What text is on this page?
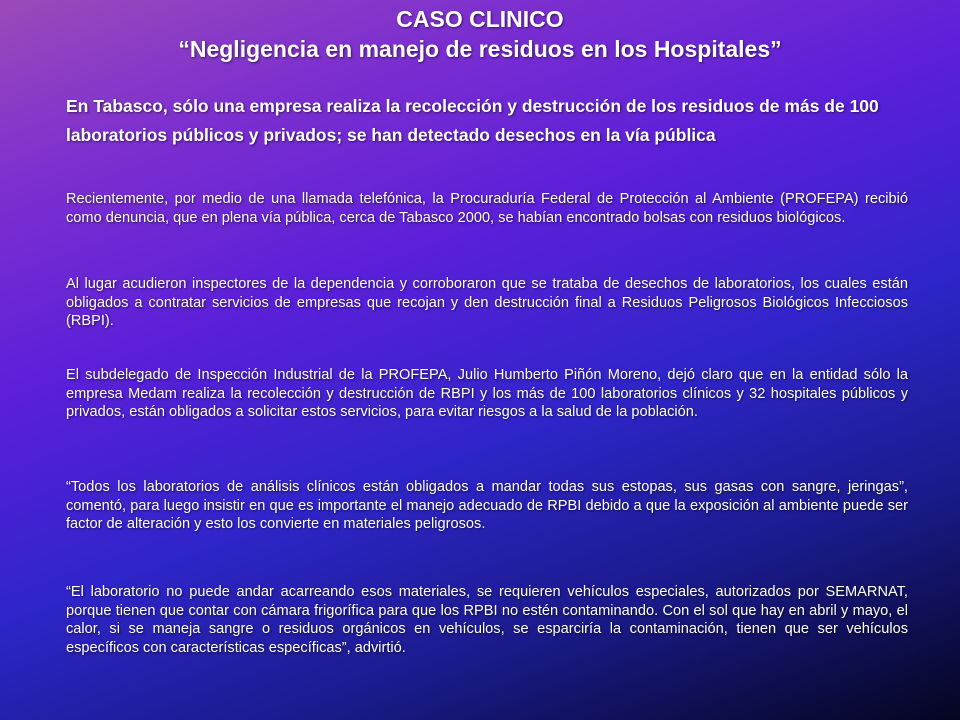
CASO CLINICO
“Negligencia en manejo de residuos en los Hospitales”
En Tabasco, sólo una empresa realiza la recolección y destrucción de los residuos de más de 100 laboratorios públicos y privados; se han detectado desechos en la vía pública
Recientemente, por medio de una llamada telefónica, la Procuraduría Federal de Protección al Ambiente (PROFEPA) recibió como denuncia, que en plena vía pública, cerca de Tabasco 2000, se habían encontrado bolsas con residuos biológicos.
Al lugar acudieron inspectores de la dependencia y corroboraron que se trataba de desechos de laboratorios, los cuales están obligados a contratar servicios de empresas que recojan y den destrucción final a Residuos Peligrosos Biológicos Infecciosos (RBPI).
El subdelegado de Inspección Industrial de la PROFEPA, Julio Humberto Piñón Moreno, dejó claro que en la entidad sólo la empresa Medam realiza la recolección y destrucción de RBPI y los más de 100 laboratorios clínicos y 32 hospitales públicos y privados, están obligados a solicitar estos servicios, para evitar riesgos a la salud de la población.
“Todos los laboratorios de análisis clínicos están obligados a mandar todas sus estopas, sus gasas con sangre, jeringas”, comentó, para luego insistir en que es importante el manejo adecuado de RPBI debido a que la exposición al ambiente puede ser factor de alteración y esto los convierte en materiales peligrosos.
“El laboratorio no puede andar acarreando esos materiales, se requieren vehículos especiales, autorizados por SEMARNAT, porque tienen que contar con cámara frigorífica para que los RPBI no estén contaminando. Con el sol que hay en abril y mayo, el calor, si se maneja sangre o residuos orgánicos en vehículos, se esparciría la contaminación, tienen que ser vehículos específicos con características específicas”, advirtió.
